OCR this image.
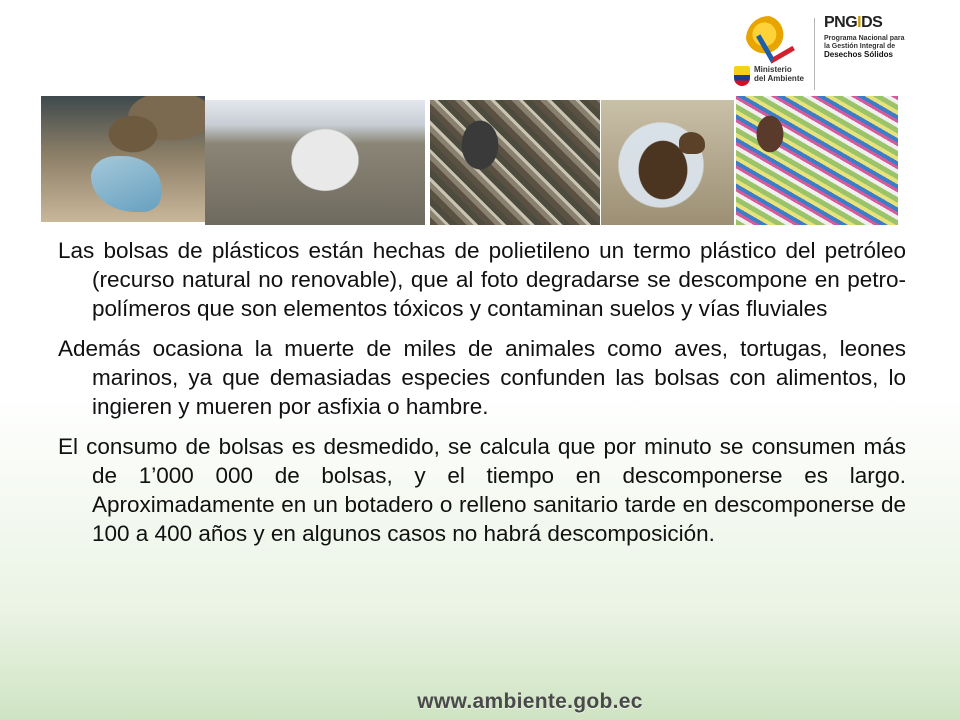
Ministerio
del Ambiente
PNGIDS
Programa Nacional para
la Gestión Integral de
Desechos Sólidos

Las bolsas de plásticos están hechas de polietileno un termo plástico del petróleo (recurso natural no renovable), que al foto degradarse se descompone en petro-polímeros que son elementos tóxicos y contaminan suelos y vías fluviales

Además ocasiona la muerte de miles de animales como aves, tortugas, leones marinos, ya que demasiadas especies confunden las bolsas con alimentos, lo ingieren y mueren por asfixia o hambre.

El consumo de bolsas es desmedido, se calcula que por minuto se consumen más de 1’000 000 de bolsas, y el tiempo en descomponerse es largo. Aproximadamente en un botadero o relleno sanitario tarde en descomponerse de 100 a 400 años y en algunos casos no habrá descomposición.

www.ambiente.gob.ec
